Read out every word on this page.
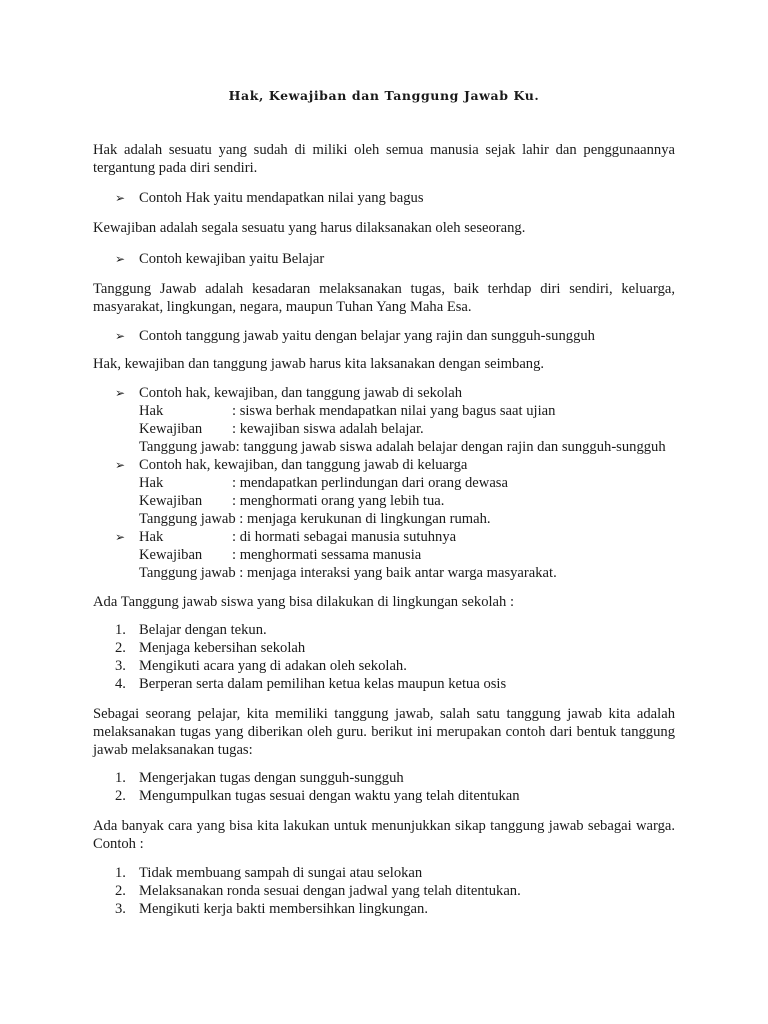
Hak, Kewajiban dan Tanggung Jawab Ku.

Hak adalah sesuatu yang sudah di miliki oleh semua manusia sejak lahir dan penggunaannya tergantung pada diri sendiri.

➢ Contoh Hak yaitu mendapatkan nilai yang bagus

Kewajiban adalah segala sesuatu yang harus dilaksanakan oleh seseorang.

➢ Contoh kewajiban yaitu Belajar

Tanggung Jawab adalah kesadaran melaksanakan tugas, baik terhdap diri sendiri, keluarga, masyarakat, lingkungan, negara, maupun Tuhan Yang Maha Esa.

➢ Contoh tanggung jawab yaitu dengan belajar yang rajin dan sungguh-sungguh

Hak, kewajiban dan tanggung jawab harus kita laksanakan dengan seimbang.

➢ Contoh hak, kewajiban, dan tanggung jawab di sekolah
Hak	: siswa berhak mendapatkan nilai yang bagus saat ujian
Kewajiban	: kewajiban siswa adalah belajar.
Tanggung jawab: tanggung jawab siswa adalah belajar dengan rajin dan sungguh-sungguh
➢ Contoh hak, kewajiban, dan tanggung jawab di keluarga
Hak	: mendapatkan perlindungan dari orang dewasa
Kewajiban	: menghormati orang yang lebih tua.
Tanggung jawab : menjaga kerukunan di lingkungan rumah.
➢ Hak	: di hormati sebagai manusia sutuhnya
Kewajiban	: menghormati sessama manusia
Tanggung jawab : menjaga interaksi yang baik antar warga masyarakat.

Ada Tanggung jawab siswa yang bisa dilakukan di lingkungan sekolah :

1. Belajar dengan tekun.
2. Menjaga kebersihan sekolah
3. Mengikuti acara yang di adakan oleh sekolah.
4. Berperan serta dalam pemilihan ketua kelas maupun ketua osis

Sebagai seorang pelajar, kita memiliki tanggung jawab, salah satu tanggung jawab kita adalah melaksanakan tugas yang diberikan oleh guru. berikut ini merupakan contoh dari bentuk tanggung jawab melaksanakan tugas:

1. Mengerjakan tugas dengan sungguh-sungguh
2. Mengumpulkan tugas sesuai dengan waktu yang telah ditentukan

Ada banyak cara yang bisa kita lakukan untuk menunjukkan sikap tanggung jawab sebagai warga. Contoh :

1. Tidak membuang sampah di sungai atau selokan
2. Melaksanakan ronda sesuai dengan jadwal yang telah ditentukan.
3. Mengikuti kerja bakti membersihkan lingkungan.
